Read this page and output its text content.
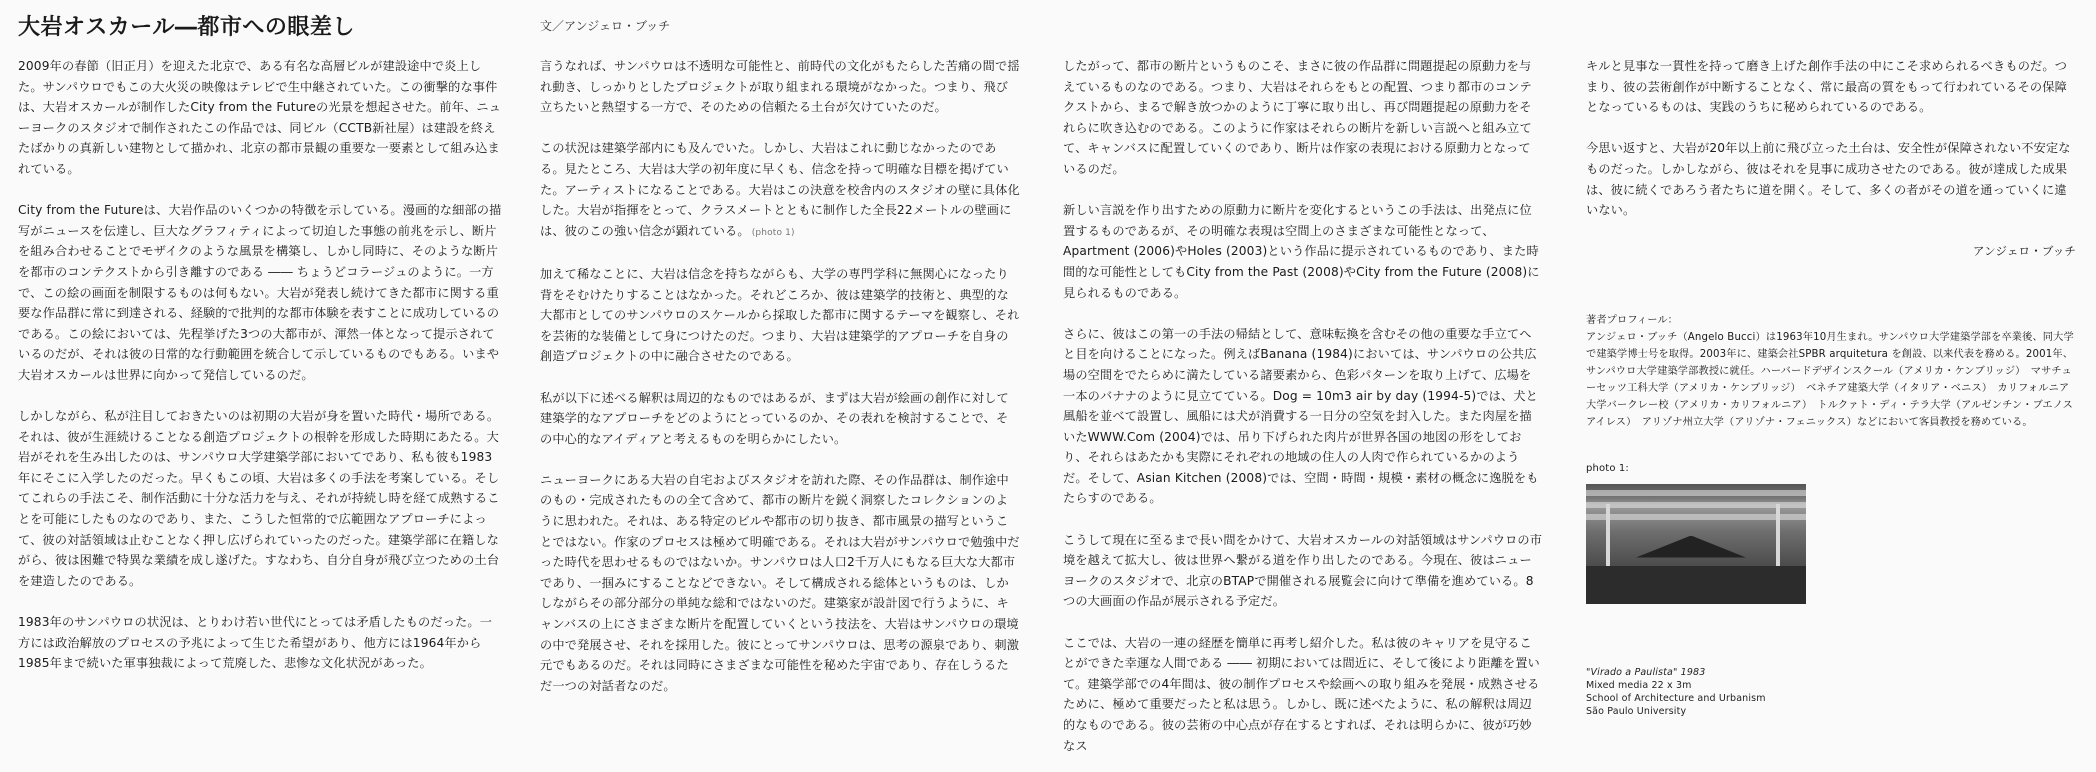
大岩オスカール―都市への眼差し	文／アンジェロ・ブッチ

2009年の春節（旧正月）を迎えた北京で、ある有名な高層ビルが建設途中で炎上した。サンパウロでもこの大火災の映像はテレビで生中継されていた。この衝撃的な事件は、大岩オスカールが制作したCity from the Futureの光景を想起させた。前年、ニューヨークのスタジオで制作されたこの作品では、同ビル（CCTB新社屋）は建設を終えたばかりの真新しい建物として描かれ、北京の都市景観の重要な一要素として組み込まれている。

City from the Futureは、大岩作品のいくつかの特徴を示している。漫画的な細部の描写がニュースを伝達し、巨大なグラフィティによって切迫した事態の前兆を示し、断片を組み合わせることでモザイクのような風景を構築し、しかし同時に、そのような断片を都市のコンテクストから引き離すのである ―― ちょうどコラージュのように。一方で、この絵の画面を制限するものは何もない。大岩が発表し続けてきた都市に関する重要な作品群に常に到達される、経験的で批判的な都市体験を表すことに成功しているのである。この絵においては、先程挙げた3つの大都市が、渾然一体となって提示されているのだが、それは彼の日常的な行動範囲を統合して示しているものでもある。いまや大岩オスカールは世界に向かって発信しているのだ。

しかしながら、私が注目しておきたいのは初期の大岩が身を置いた時代・場所である。それは、彼が生涯続けることなる創造プロジェクトの根幹を形成した時期にあたる。大岩がそれを生み出したのは、サンパウロ大学建築学部においてであり、私も彼も1983年にそこに入学したのだった。早くもこの頃、大岩は多くの手法を考案している。そしてこれらの手法こそ、制作活動に十分な活力を与え、それが持続し時を経て成熟することを可能にしたものなのであり、また、こうした恒常的で広範囲なアプローチによって、彼の対話領域は止むことなく押し広げられていったのだった。建築学部に在籍しながら、彼は困難で特異な業績を成し遂げた。すなわち、自分自身が飛び立つための土台を建造したのである。

1983年のサンパウロの状況は、とりわけ若い世代にとっては矛盾したものだった。一方には政治解放のプロセスの予兆によって生じた希望があり、他方には1964年から1985年まで続いた軍事独裁によって荒廃した、悲惨な文化状況があった。

言うなれば、サンパウロは不透明な可能性と、前時代の文化がもたらした苦痛の間で揺れ動き、しっかりとしたプロジェクトが取り組まれる環境がなかった。つまり、飛び立ちたいと熱望する一方で、そのための信頼たる土台が欠けていたのだ。

この状況は建築学部内にも及んでいた。しかし、大岩はこれに動じなかったのである。見たところ、大岩は大学の初年度に早くも、信念を持って明確な目標を掲げていた。アーティストになることである。大岩はこの決意を校舎内のスタジオの壁に具体化した。大岩が指揮をとって、クラスメートとともに制作した全長22メートルの壁画には、彼のこの強い信念が顕れている。 (photo 1)

加えて稀なことに、大岩は信念を持ちながらも、大学の専門学科に無関心になったり背をそむけたりすることはなかった。それどころか、彼は建築学的技術と、典型的な大都市としてのサンパウロのスケールから採取した都市に関するテーマを観察し、それを芸術的な装備として身につけたのだ。つまり、大岩は建築学的アプローチを自身の創造プロジェクトの中に融合させたのである。

私が以下に述べる解釈は周辺的なものではあるが、まずは大岩が絵画の創作に対して建築学的なアプローチをどのようにとっているのか、その表れを検討することで、その中心的なアイディアと考えるものを明らかにしたい。

ニューヨークにある大岩の自宅およびスタジオを訪れた際、その作品群は、制作途中のもの・完成されたものの全て含めて、都市の断片を鋭く洞察したコレクションのように思われた。それは、ある特定のビルや都市の切り抜き、都市風景の描写ということではない。作家のプロセスは極めて明確である。それは大岩がサンパウロで勉強中だった時代を思わせるものではないか。サンパウロは人口2千万人にもなる巨大な大都市であり、一掴みにすることなどできない。そして構成される総体というものは、しかしながらその部分部分の単純な総和ではないのだ。建築家が設計図で行うように、キャンバスの上にさまざまな断片を配置していくという技法を、大岩はサンパウロの環境の中で発展させ、それを採用した。彼にとってサンパウロは、思考の源泉であり、刺激元でもあるのだ。それは同時にさまざまな可能性を秘めた宇宙であり、存在しうるただ一つの対話者なのだ。

したがって、都市の断片というものこそ、まさに彼の作品群に問題提起の原動力を与えているものなのである。つまり、大岩はそれらをもとの配置、つまり都市のコンテクストから、まるで解き放つかのように丁寧に取り出し、再び問題提起の原動力をそれらに吹き込むのである。このように作家はそれらの断片を新しい言説へと組み立てて、キャンバスに配置していくのであり、断片は作家の表現における原動力となっているのだ。

新しい言説を作り出すための原動力に断片を変化するというこの手法は、出発点に位置するものであるが、その明確な表現は空間上のさまざまな可能性となって、Apartment (2006)やHoles (2003)という作品に提示されているものであり、また時間的な可能性としてもCity from the Past (2008)やCity from the Future (2008)に見られるものである。

さらに、彼はこの第一の手法の帰結として、意味転換を含むその他の重要な手立てへと目を向けることになった。例えばBanana (1984)においては、サンパウロの公共広場の空間をでたらめに満たしている諸要素から、色彩パターンを取り上げて、広場を一本のバナナのように見立てている。Dog = 10m3 air by day (1994-5)では、犬と風船を並べて設置し、風船には犬が消費する一日分の空気を封入した。また肉屋を描いたWWW.Com (2004)では、吊り下げられた肉片が世界各国の地図の形をしており、それらはあたかも実際にそれぞれの地域の住人の人肉で作られているかのようだ。そして、Asian Kitchen (2008)では、空間・時間・規模・素材の概念に逸脱をもたらすのである。

こうして現在に至るまで長い間をかけて、大岩オスカールの対話領域はサンパウロの市境を越えて拡大し、彼は世界へ繋がる道を作り出したのである。今現在、彼はニューヨークのスタジオで、北京のBTAPで開催される展覧会に向けて準備を進めている。8つの大画面の作品が展示される予定だ。

ここでは、大岩の一連の経歴を簡単に再考し紹介した。私は彼のキャリアを見守ることができた幸運な人間である ―― 初期においては間近に、そして後により距離を置いて。建築学部での4年間は、彼の制作プロセスや絵画への取り組みを発展・成熟させるために、極めて重要だったと私は思う。しかし、既に述べたように、私の解釈は周辺的なものである。彼の芸術の中心点が存在するとすれば、それは明らかに、彼が巧妙なス

キルと見事な一貫性を持って磨き上げた創作手法の中にこそ求められるべきものだ。つまり、彼の芸術創作が中断することなく、常に最高の質をもって行われているその保障となっているものは、実践のうちに秘められているのである。

今思い返すと、大岩が20年以上前に飛び立った土台は、安全性が保障されない不安定なものだった。しかしながら、彼はそれを見事に成功させたのである。彼が達成した成果は、彼に続くであろう者たちに道を開く。そして、多くの者がその道を通っていくに違いない。

アンジェロ・ブッチ

著者プロフィール：
アンジェロ・ブッチ（Angelo Bucci）は1963年10月生まれ。サンパウロ大学建築学部を卒業後、同大学で建築学博士号を取得。2003年に、建築会社SPBR arquitetura を創設、以来代表を務める。2001年、サンパウロ大学建築学部教授に就任。ハーバードデザインスクール（アメリカ・ケンブリッジ）　マサチューセッツ工科大学（アメリカ・ケンブリッジ）　ベネチア建築大学（イタリア・ベニス）　カリフォルニア大学バークレー校（アメリカ・カリフォルニア）　トルクァト・ディ・テラ大学（アルゼンチン・ブエノスアイレス）　アリゾナ州立大学（アリゾナ・フェニックス）などにおいて客員教授を務めている。
photo 1:
"Virado a Paulista" 1983
Mixed media 22 x 3m
School of Architecture and Urbanism
São Paulo University
